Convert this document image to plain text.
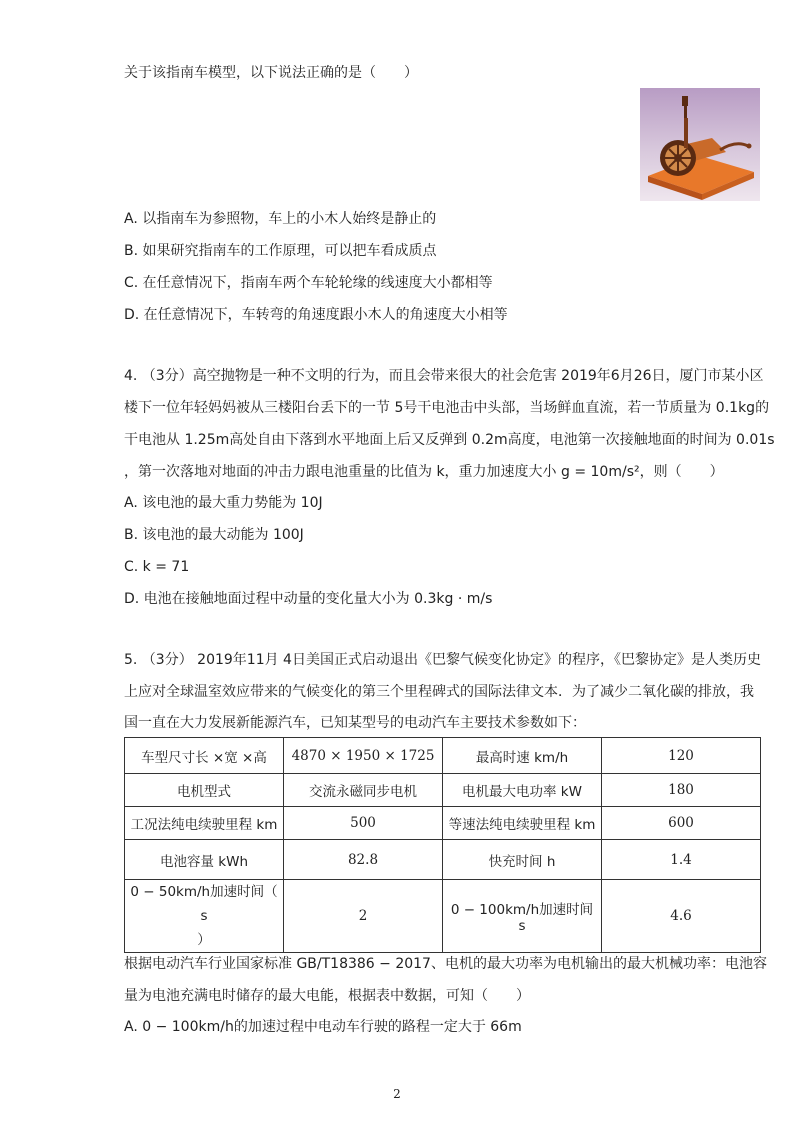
关于该指南车模型，以下说法正确的是（　　）
A. 以指南车为参照物，车上的小木人始终是静止的
B. 如果研究指南车的工作原理，可以把车看成质点
C. 在任意情况下，指南车两个车轮轮缘的线速度大小都相等
D. 在任意情况下，车转弯的角速度跟小木人的角速度大小相等
4. （3分）高空抛物是一种不文明的行为，而且会带来很大的社会危害 2019年6月26日，厦门市某小区
楼下一位年轻妈妈被从三楼阳台丢下的一节 5号干电池击中头部，当场鲜血直流，若一节质量为 0.1kg的
干电池从 1.25m高处自由下落到水平地面上后又反弹到 0.2m高度，电池第一次接触地面的时间为 0.01s
，第一次落地对地面的冲击力跟电池重量的比值为 k，重力加速度大小 g = 10m/s²，则（　　）
A. 该电池的最大重力势能为 10J
B. 该电池的最大动能为 100J
C. k = 71
D. 电池在接触地面过程中动量的变化量大小为 0.3kg · m/s
5. （3分） 2019年11月 4日美国正式启动退出《巴黎气候变化协定》的程序，《巴黎协定》是人类历史
上应对全球温室效应带来的气候变化的第三个里程碑式的国际法律文本．为了减少二氧化碳的排放，我
国一直在大力发展新能源汽车，已知某型号的电动汽车主要技术参数如下：
车型尺寸长 ×宽 ×高	4870 × 1950 × 1725	最高时速 km/h	120
电机型式	交流永磁同步电机	电机最大电功率 kW	180
工况法纯电续驶里程 km	500	等速法纯电续驶里程 km	600
电池容量 kWh	82.8	快充时间 h	1.4
0 − 50km/h加速时间（ s
）	2	0 − 100km/h加速时间 s	4.6
根据电动汽车行业国家标准 GB/T18386 − 2017、电机的最大功率为电机输出的最大机械功率：电池容
量为电池充满电时储存的最大电能，根据表中数据，可知（　　）
A. 0 − 100km/h的加速过程中电动车行驶的路程一定大于 66m
2
